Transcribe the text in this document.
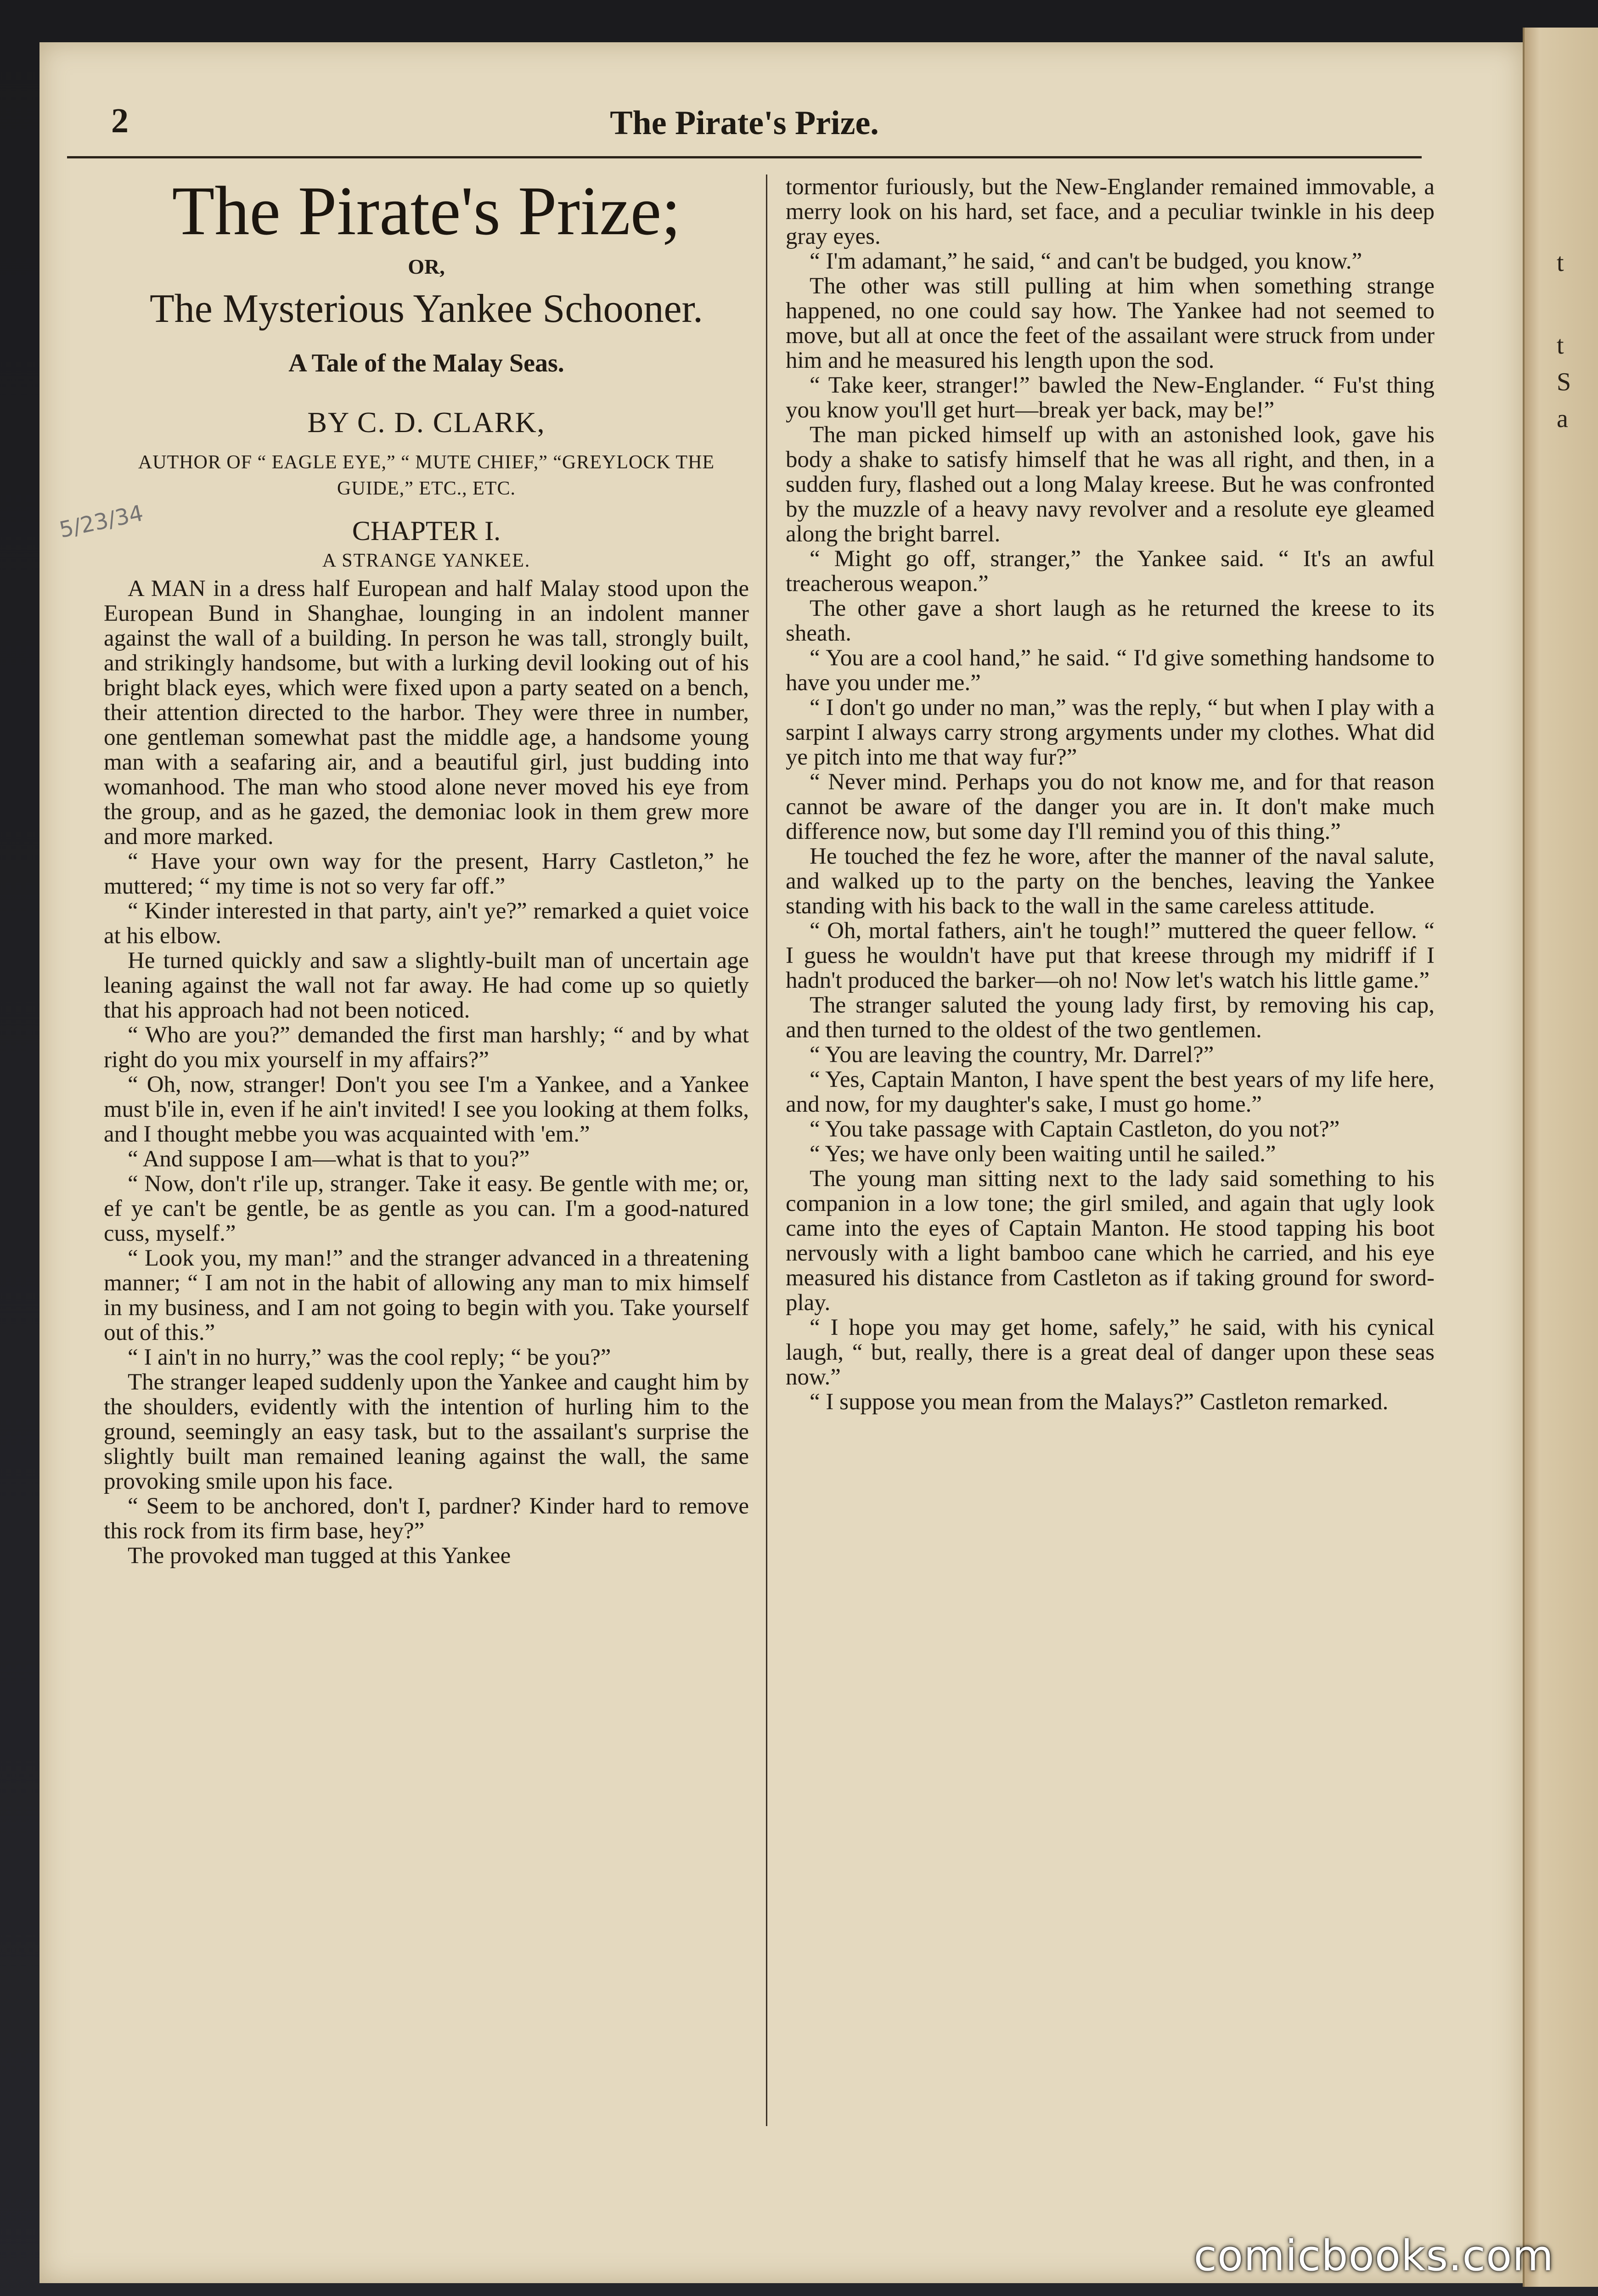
t
t
S
a
2	The Pirate's Prize.
5/23/34
The Pirate's Prize;
OR,
The Mysterious Yankee Schooner.
A Tale of the Malay Seas.
BY C. D. CLARK,
AUTHOR OF “ EAGLE EYE,” “ MUTE CHIEF,” “GREYLOCK THE GUIDE,” ETC., ETC.
CHAPTER I.
A STRANGE YANKEE.

A MAN in a dress half European and half Malay stood upon the European Bund in Shanghae, lounging in an indolent manner against the wall of a building. In person he was tall, strongly built, and strikingly handsome, but with a lurking devil looking out of his bright black eyes, which were fixed upon a party seated on a bench, their attention directed to the harbor. They were three in number, one gentleman somewhat past the middle age, a handsome young man with a seafaring air, and a beautiful girl, just budding into womanhood. The man who stood alone never moved his eye from the group, and as he gazed, the demoniac look in them grew more and more marked.

“ Have your own way for the present, Harry Castleton,” he muttered; “ my time is not so very far off.”

“ Kinder interested in that party, ain't ye?” remarked a quiet voice at his elbow.

He turned quickly and saw a slightly-built man of uncertain age leaning against the wall not far away. He had come up so quietly that his approach had not been noticed.

“ Who are you?” demanded the first man harshly; “ and by what right do you mix yourself in my affairs?”

“ Oh, now, stranger! Don't you see I'm a Yankee, and a Yankee must b'ile in, even if he ain't invited! I see you looking at them folks, and I thought mebbe you was acquainted with 'em.”

“ And suppose I am—what is that to you?”

“ Now, don't r'ile up, stranger. Take it easy. Be gentle with me; or, ef ye can't be gentle, be as gentle as you can. I'm a good-natured cuss, myself.”

“ Look you, my man!” and the stranger advanced in a threatening manner; “ I am not in the habit of allowing any man to mix himself in my business, and I am not going to begin with you. Take yourself out of this.”

“ I ain't in no hurry,” was the cool reply; “ be you?”

The stranger leaped suddenly upon the Yankee and caught him by the shoulders, evidently with the intention of hurling him to the ground, seemingly an easy task, but to the assailant's surprise the slightly built man remained leaning against the wall, the same provoking smile upon his face.

“ Seem to be anchored, don't I, pardner? Kinder hard to remove this rock from its firm base, hey?”

The provoked man tugged at this Yankee

tormentor furiously, but the New-Englander remained immovable, a merry look on his hard, set face, and a peculiar twinkle in his deep gray eyes.

“ I'm adamant,” he said, “ and can't be budged, you know.”

The other was still pulling at him when something strange happened, no one could say how. The Yankee had not seemed to move, but all at once the feet of the assailant were struck from under him and he measured his length upon the sod.

“ Take keer, stranger!” bawled the New-Englander. “ Fu'st thing you know you'll get hurt—break yer back, may be!”

The man picked himself up with an astonished look, gave his body a shake to satisfy himself that he was all right, and then, in a sudden fury, flashed out a long Malay kreese. But he was confronted by the muzzle of a heavy navy revolver and a resolute eye gleamed along the bright barrel.

“ Might go off, stranger,” the Yankee said. “ It's an awful treacherous weapon.”

The other gave a short laugh as he returned the kreese to its sheath.

“ You are a cool hand,” he said. “ I'd give something handsome to have you under me.”

“ I don't go under no man,” was the reply, “ but when I play with a sarpint I always carry strong argyments under my clothes. What did ye pitch into me that way fur?”

“ Never mind. Perhaps you do not know me, and for that reason cannot be aware of the danger you are in. It don't make much difference now, but some day I'll remind you of this thing.”

He touched the fez he wore, after the manner of the naval salute, and walked up to the party on the benches, leaving the Yankee standing with his back to the wall in the same careless attitude.

“ Oh, mortal fathers, ain't he tough!” muttered the queer fellow. “ I guess he wouldn't have put that kreese through my midriff if I hadn't produced the barker—oh no! Now let's watch his little game.”

The stranger saluted the young lady first, by removing his cap, and then turned to the oldest of the two gentlemen.

“ You are leaving the country, Mr. Darrel?”

“ Yes, Captain Manton, I have spent the best years of my life here, and now, for my daughter's sake, I must go home.”

“ You take passage with Captain Castleton, do you not?”

“ Yes; we have only been waiting until he sailed.”

The young man sitting next to the lady said something to his companion in a low tone; the girl smiled, and again that ugly look came into the eyes of Captain Manton. He stood tapping his boot nervously with a light bamboo cane which he carried, and his eye measured his distance from Castleton as if taking ground for sword-play.

“ I hope you may get home, safely,” he said, with his cynical laugh, “ but, really, there is a great deal of danger upon these seas now.”

“ I suppose you mean from the Malays?” Castleton remarked.

comicbooks.com
